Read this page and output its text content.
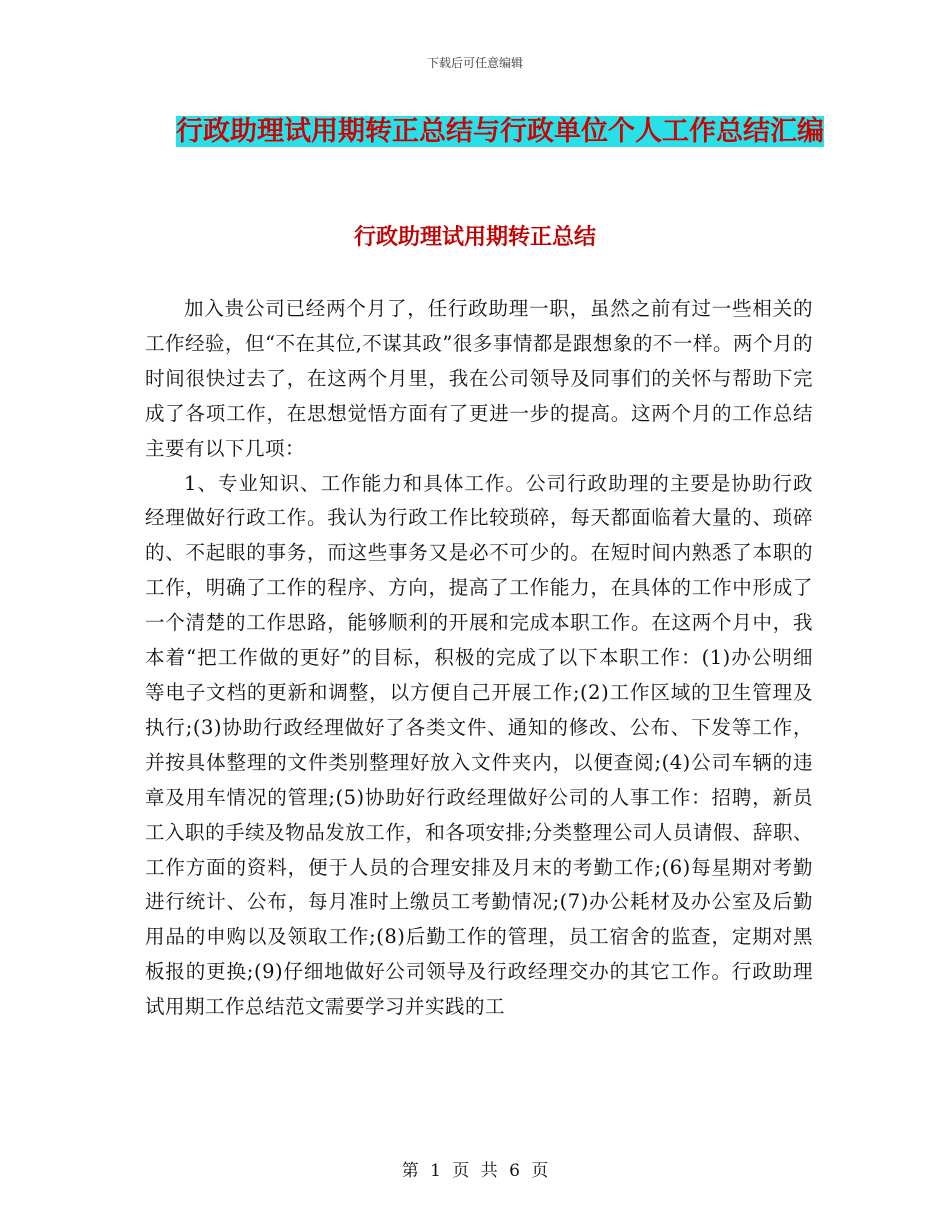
下载后可任意编辑
行政助理试用期转正总结与行政单位个人工作总结汇编
行政助理试用期转正总结

加入贵公司已经两个月了，任行政助理一职，虽然之前有过一些相关的工作经验，但“不在其位,不谋其政”很多事情都是跟想象的不一样。两个月的时间很快过去了，在这两个月里，我在公司领导及同事们的关怀与帮助下完成了各项工作，在思想觉悟方面有了更进一步的提高。这两个月的工作总结主要有以下几项：

1、专业知识、工作能力和具体工作。公司行政助理的主要是协助行政经理做好行政工作。我认为行政工作比较琐碎，每天都面临着大量的、琐碎的、不起眼的事务，而这些事务又是必不可少的。在短时间内熟悉了本职的工作，明确了工作的程序、方向，提高了工作能力，在具体的工作中形成了一个清楚的工作思路，能够顺利的开展和完成本职工作。在这两个月中，我本着“把工作做的更好”的目标，积极的完成了以下本职工作：(1)办公明细等电子文档的更新和调整，以方便自己开展工作;(2)工作区域的卫生管理及执行;(3)协助行政经理做好了各类文件、通知的修改、公布、下发等工作，并按具体整理的文件类别整理好放入文件夹内，以便查阅;(4)公司车辆的违章及用车情况的管理;(5)协助好行政经理做好公司的人事工作：招聘，新员工入职的手续及物品发放工作，和各项安排;分类整理公司人员请假、辞职、工作方面的资料，便于人员的合理安排及月末的考勤工作;(6)每星期对考勤进行统计、公布，每月准时上缴员工考勤情况;(7)办公耗材及办公室及后勤用品的申购以及领取工作;(8)后勤工作的管理，员工宿舍的监查，定期对黑板报的更换;(9)仔细地做好公司领导及行政经理交办的其它工作。行政助理试用期工作总结范文需要学习并实践的工

第 1 页 共 6 页
